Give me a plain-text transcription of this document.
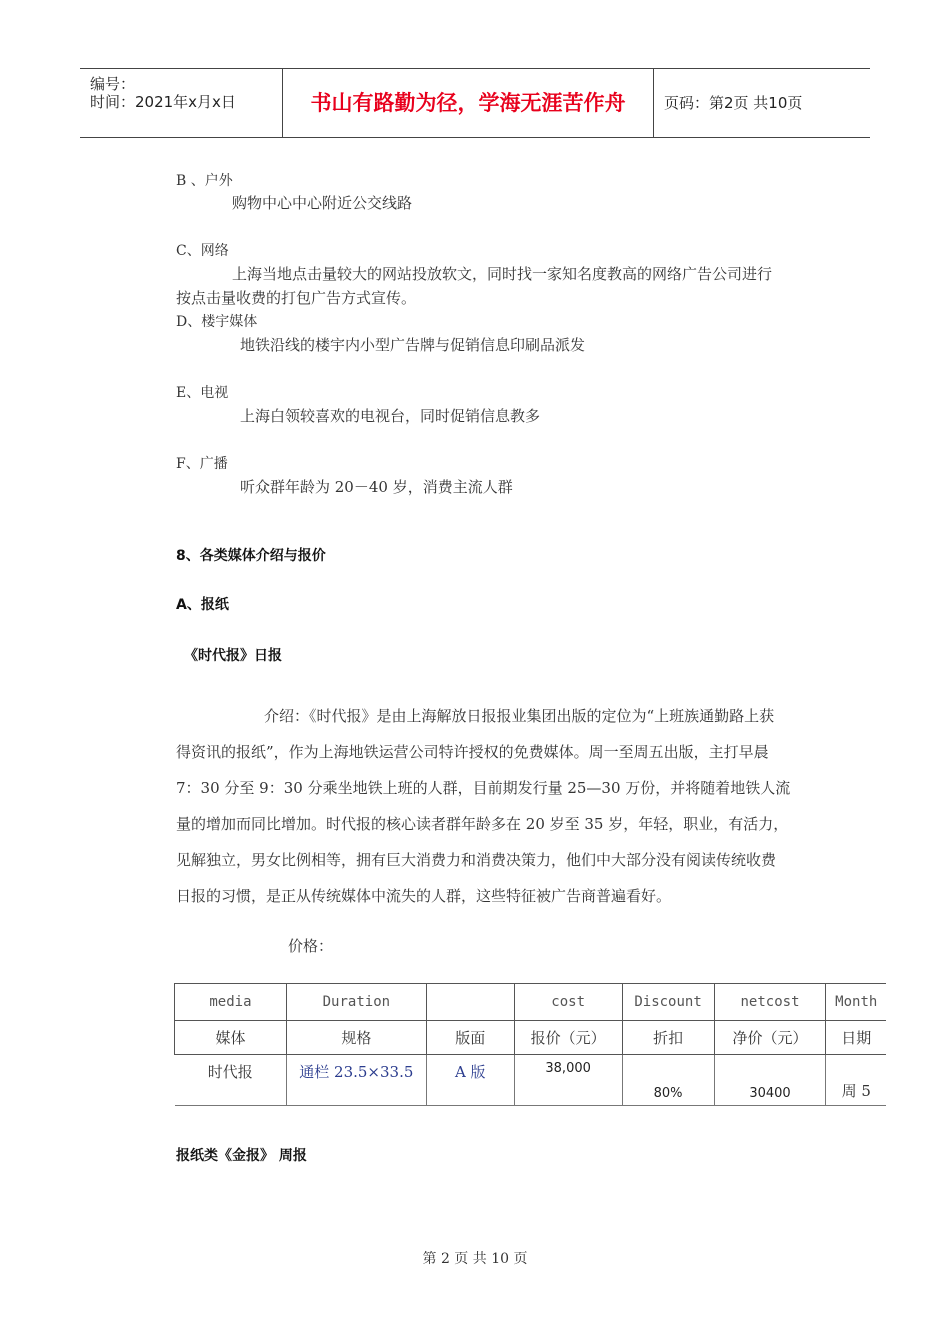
编号：
时间：2021年x月x日	书山有路勤为径，学海无涯苦作舟	页码：第2页 共10页
B 、户外
购物中心中心附近公交线路
C、网络
上海当地点击量较大的网站投放软文，同时找一家知名度教高的网络广告公司进行
按点击量收费的打包广告方式宣传。
D、楼宇媒体
地铁沿线的楼宇内小型广告牌与促销信息印刷品派发
E、电视
上海白领较喜欢的电视台，同时促销信息教多
F、广播
听众群年龄为 20－40 岁，消费主流人群
8、各类媒体介绍与报价
A、报纸
《时代报》日报

介绍：《时代报》是由上海解放日报报业集团出版的定位为“上班族通勤路上获

得资讯的报纸”，作为上海地铁运营公司特许授权的免费媒体。周一至周五出版，主打早晨

7：30 分至 9：30 分乘坐地铁上班的人群，目前期发行量 25—30 万份，并将随着地铁人流

量的增加而同比增加。时代报的核心读者群年龄多在 20 岁至 35 岁，年轻，职业，有活力，

见解独立，男女比例相等，拥有巨大消费力和消费决策力，他们中大部分没有阅读传统收费

日报的习惯，是正从传统媒体中流失的人群，这些特征被广告商普遍看好。

价格：
media	Duration		cost	Discount	netcost	Month
媒体	规格	版面	报价（元）	折扣	净价（元）	日期
时代报	通栏 23.5×33.5	A 版	38,000	80%	30400	周 5
报纸类《金报》 周报
第 2 页 共 10 页
